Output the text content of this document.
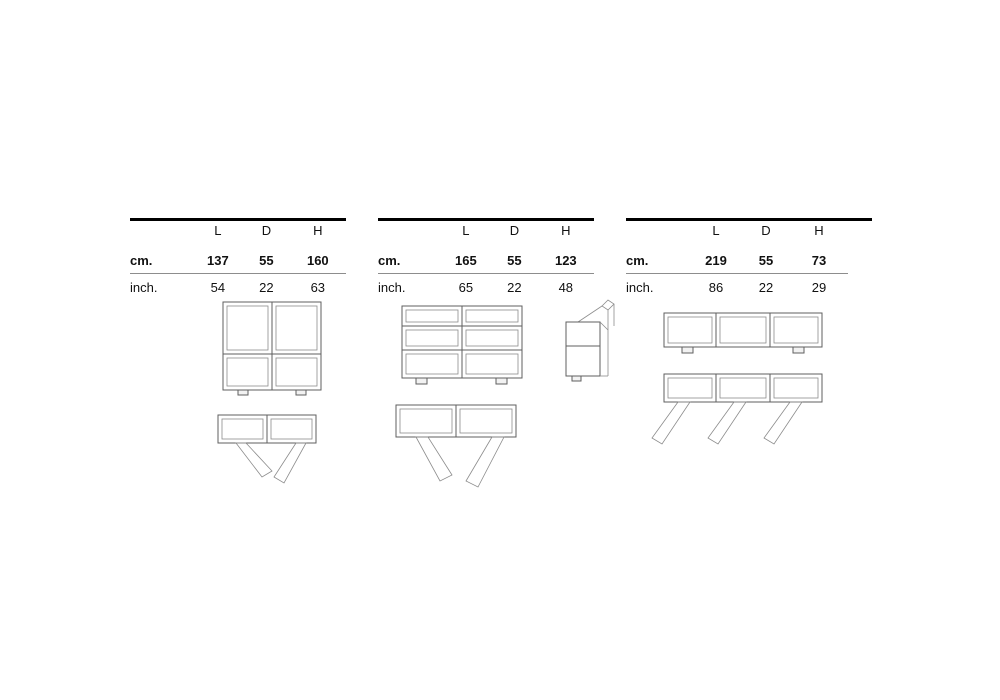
	L	D	H
cm.	137	55	160
inch.	54	22	63
	L	D	H
cm.	165	55	123
inch.	65	22	48
	L	D	H
cm.	219	55	73
inch.	86	22	29
